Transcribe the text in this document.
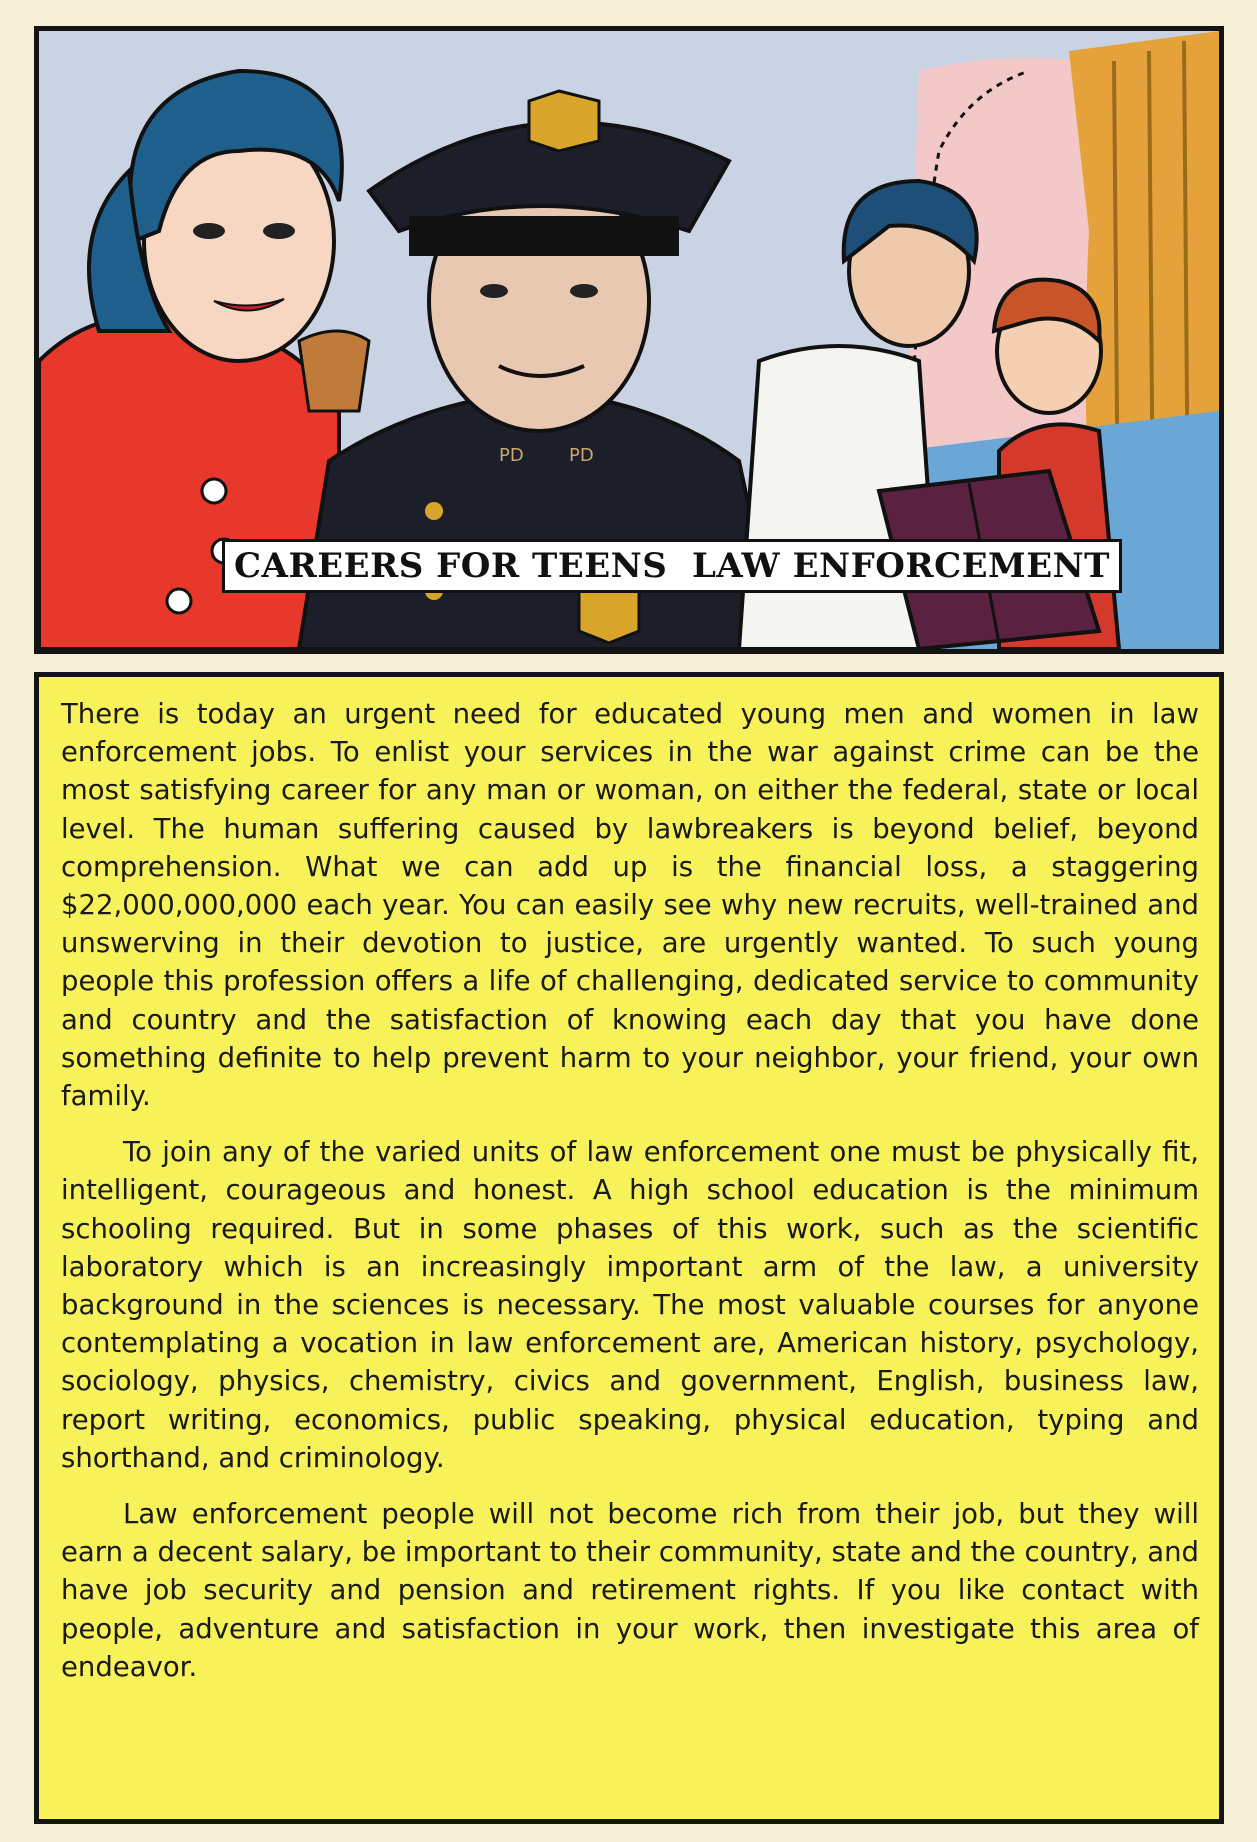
PD	PD
CAREERS FOR TEENS  LAW ENFORCEMENT

There is today an urgent need for educated young men and women in law enforcement jobs. To enlist your services in the war against crime can be the most satisfying career for any man or woman, on either the federal, state or local level. The human suffering caused by lawbreakers is beyond belief, beyond comprehension. What we can add up is the financial loss, a staggering $22,000,000,000 each year. You can easily see why new recruits, well-trained and unswerving in their devotion to justice, are urgently wanted. To such young people this profession offers a life of challenging, dedicated service to community and country and the satisfaction of knowing each day that you have done something definite to help prevent harm to your neighbor, your friend, your own family.

To join any of the varied units of law enforcement one must be physically fit, intelligent, courageous and honest. A high school education is the minimum schooling required. But in some phases of this work, such as the scientific laboratory which is an increasingly important arm of the law, a university background in the sciences is necessary. The most valuable courses for anyone contemplating a vocation in law enforcement are, American history, psychology, sociology, physics, chemistry, civics and government, English, business law, report writing, economics, public speaking, physical education, typing and shorthand, and criminology.

Law enforcement people will not become rich from their job, but they will earn a decent salary, be important to their community, state and the country, and have job security and pension and retirement rights. If you like contact with people, adventure and satisfaction in your work, then investigate this area of endeavor.
